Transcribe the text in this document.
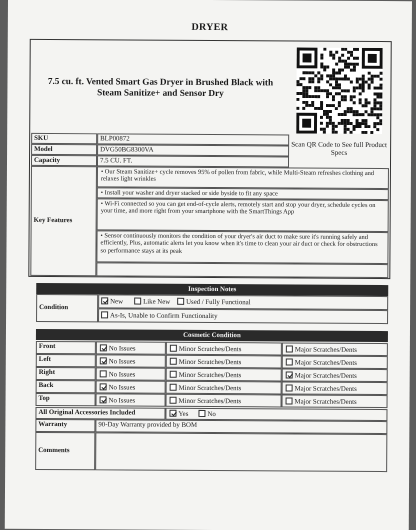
DRYER
7.5 cu. ft. Vented Smart Gas Dryer in Brushed Black with Steam Sanitize+ and Sensor Dry
Scan QR Code to See full Product Specs
SKU	BLP00872
Model	DVG50BG8300VA
Capacity	7.5 CU. FT.
Key Features
• Our Steam Sanitize+ cycle removes 95% of pollen from fabric, while Multi-Steam refreshes clothing and relaxes light wrinkles
• Install your washer and dryer stacked or side byside to fit any space
• Wi-Fi connected so you can get end-of-cycle alerts, remotely start and stop your dryer, schedule cycles on your time, and more right from your smartphone with the SmartThings App
• Sensor continuously monitors the condition of your dryer's air duct to make sure it's running safely and efficiently, Plus, automatic alerts let you know when it's time to clean your air duct or check for obstructions so performance stays at its peak
Inspection Notes
Condition
New	Like New	Used / Fully Functional
As-Is, Unable to Confirm Functionality
Cosmetic Condition
Front	No Issues	Minor Scratches/Dents	Major Scratches/Dents
Left	No Issues	Minor Scratches/Dents	Major Scratches/Dents
Right	No Issues	Minor Scratches/Dents	Major Scratches/Dents
Back	No Issues	Minor Scratches/Dents	Major Scratches/Dents
Top	No Issues	Minor Scratches/Dents	Major Scratches/Dents
All Original Accessories Included	Yes	No
Warranty	90-Day Warranty provided by BOM
Comments
